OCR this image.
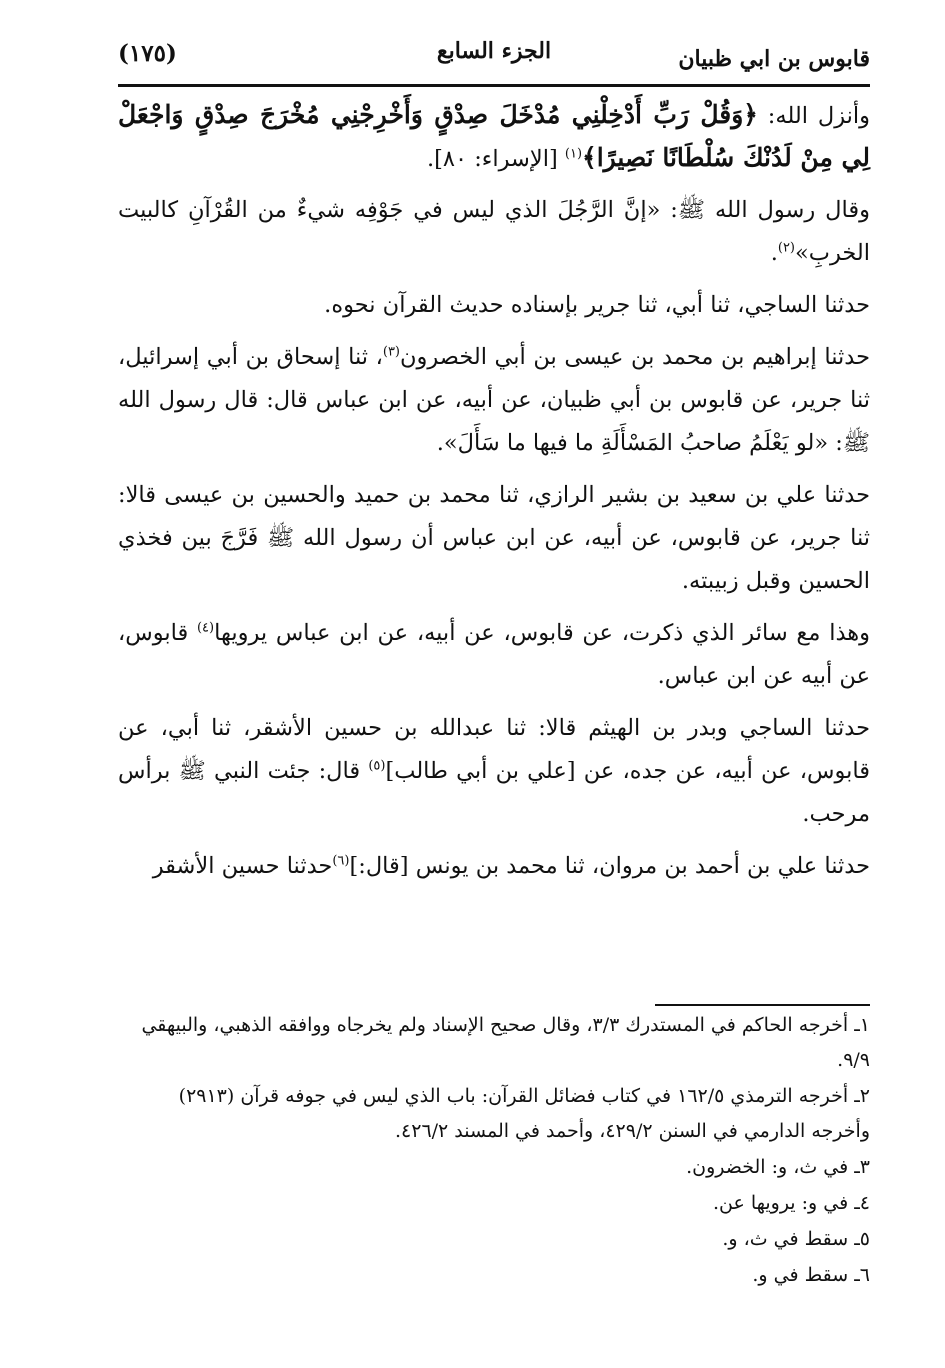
قابوس بن ابي ظبيان
الجزء السابع
(١٧٥)

وأنزل الله: ﴿وَقُلْ رَبِّ أَدْخِلْنِي مُدْخَلَ صِدْقٍ وَأَخْرِجْنِي مُخْرَجَ صِدْقٍ وَاجْعَلْ لِي مِنْ لَدُنْكَ سُلْطَانًا نَصِيرًا﴾$^{(١)}$ [الإسراء: ٨٠].

وقال رسول الله ﷺ: «إنَّ الرَّجُلَ الذي ليس في جَوْفِه شيءٌ من القُرْآنِ كالبيت الخربِ»$^{(٢)}$.

حدثنا الساجي، ثنا أبي، ثنا جرير بإسناده حديث القرآن نحوه.

حدثنا إبراهيم بن محمد بن عيسى بن أبي الخصرون$^{(٣)}$، ثنا إسحاق بن أبي إسرائيل، ثنا جرير، عن قابوس بن أبي ظبيان، عن أبيه، عن ابن عباس قال: قال رسول الله ﷺ: «لو يَعْلَمُ صاحبُ المَسْأَلَةِ ما فيها ما سَأَلَ».

حدثنا علي بن سعيد بن بشير الرازي، ثنا محمد بن حميد والحسين بن عيسى قالا: ثنا جرير، عن قابوس، عن أبيه، عن ابن عباس أن رسول الله ﷺ فَرَّجَ بين فخذي الحسين وقبل زبيبته.

وهذا مع سائر الذي ذكرت، عن قابوس، عن أبيه، عن ابن عباس يرويها$^{(٤)}$ قابوس، عن أبيه عن ابن عباس.

حدثنا الساجي وبدر بن الهيثم قالا: ثنا عبدالله بن حسين الأشقر، ثنا أبي، عن قابوس، عن أبيه، عن جده، عن [علي بن أبي طالب]$^{(٥)}$ قال: جئت النبي ﷺ برأس مرحب.

حدثنا علي بن أحمد بن مروان، ثنا محمد بن يونس [قال:]$^{(٦)}$حدثنا حسين الأشقر

١ـ أخرجه الحاكم في المستدرك ٣/٣، وقال صحيح الإسناد ولم يخرجاه ووافقه الذهبي، والبيهقي ٩/٩.

٢ـ أخرجه الترمذي ١٦٢/٥ في كتاب فضائل القرآن: باب الذي ليس في جوفه قرآن (٢٩١٣) وأخرجه الدارمي في السنن ٤٢٩/٢، وأحمد في المسند ٤٢٦/٢.

٣ـ في ث، و: الخضرون.

٤ـ في و: يرويها عن.

٥ـ سقط في ث، و.

٦ـ سقط في و.
